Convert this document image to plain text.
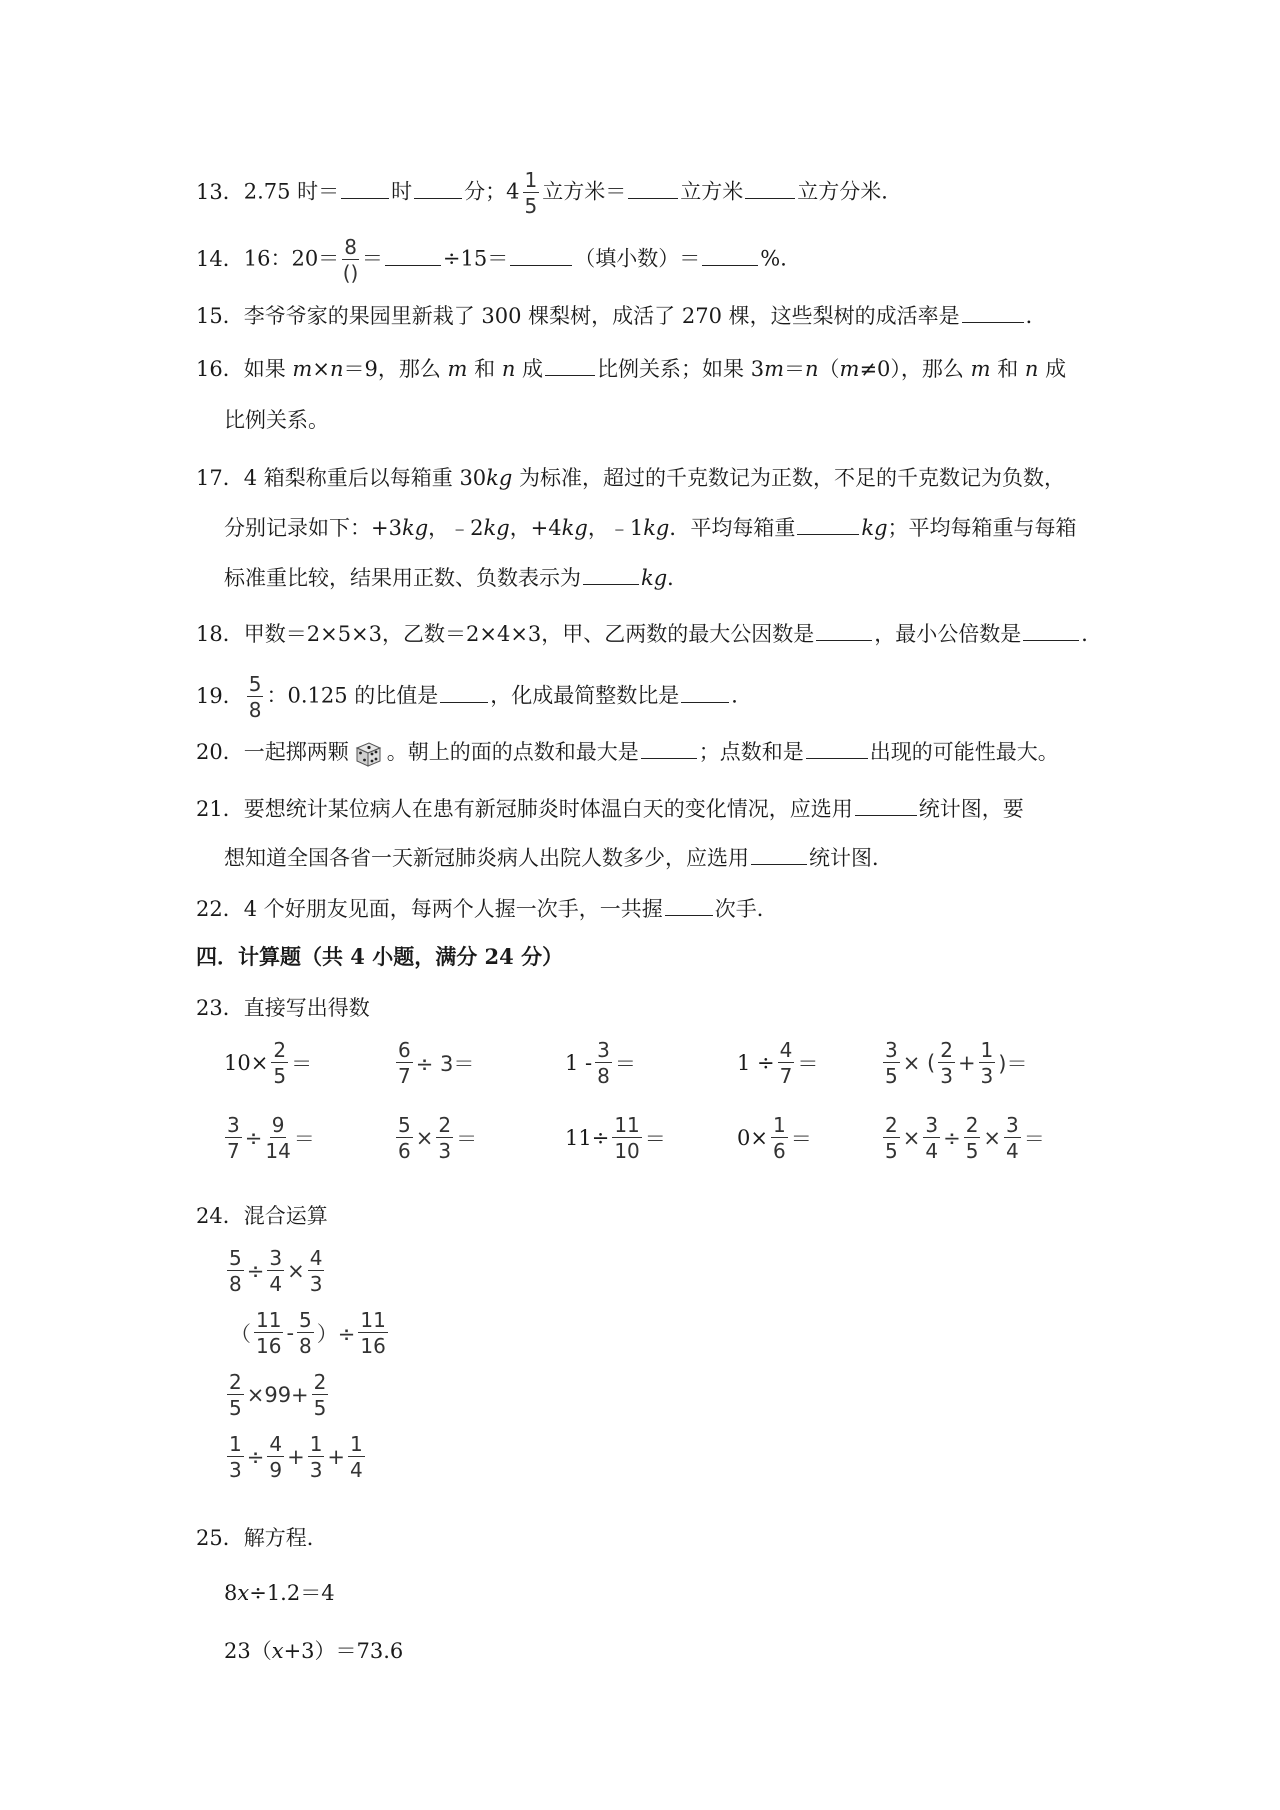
13．2.75 时＝ 时 分；$4 \frac{1}{5}$ 立方米＝	立方米	立方分米．
14．16：$20= \frac{8}{()}$ ＝	÷15＝	（填小数）＝	%．
15．李爷爷家的果园里新栽了 300 棵梨树，成活了 270 棵，这些梨树的成活率是	．
16．如果 m×n＝9，那么 m 和 n 成	比例关系；如果 3m＝n（m≠0），那么 m 和 n 成
比例关系。
17．4 箱梨称重后以每箱重 30kg 为标准，超过的千克数记为正数，不足的千克数记为负数，
分别记录如下：+3kg，﹣2kg，+4kg，﹣1kg．平均每箱重	kg；平均每箱重与每箱
标准重比较，结果用正数、负数表示为	kg．
18．甲数＝2×5×3，乙数＝2×4×3，甲、乙两数的最大公因数是	，最小公倍数是	．
19． $\frac{5}{8}$ ：0.125 的比值是 ，化成最简整数比是 ．
20．一起掷两颗 。朝上的面的点数和最大是	；点数和是	出现的可能性最大。
21．要想统计某位病人在患有新冠肺炎时体温白天的变化情况，应选用	统计图，要
想知道全国各省一天新冠肺炎病人出院人数多少，应选用	统计图．
22．4 个好朋友见面，每两个人握一次手，一共握 次手．
四．计算题（共 4 小题，满分 24 分）
23．直接写出得数
$10\times \frac{2}{5}$ ＝	$\frac{6}{7} \div 3=$	$1 - \frac{3}{8}$ ＝	$1 \div \frac{4}{7}$ ＝	$\frac{3}{5}$ × ( $\frac{2}{3} + \frac{1}{3}$ )＝
$\frac{3}{7} \div \frac{9}{14}$ ＝	$\frac{5}{6} \times \frac{2}{3}$ ＝	$11\div \frac{11}{10}$ ＝	$0\times \frac{1}{6}$ ＝	$\frac{2}{5} \times \frac{3}{4} \div \frac{2}{5} \times \frac{3}{4}$ ＝
24．混合运算
$\frac{5}{8} \div \frac{3}{4} \times \frac{4}{3}$
（ $\frac{11}{16} - \frac{5}{8}$ ）÷ $\frac{11}{16}$
$\frac{2}{5} \times 99+ \frac{2}{5}$
$\frac{1}{3} \div \frac{4}{9} + \frac{1}{3} + \frac{1}{4}$
25．解方程．
8x÷1.2＝4
23（x+3）＝73.6
